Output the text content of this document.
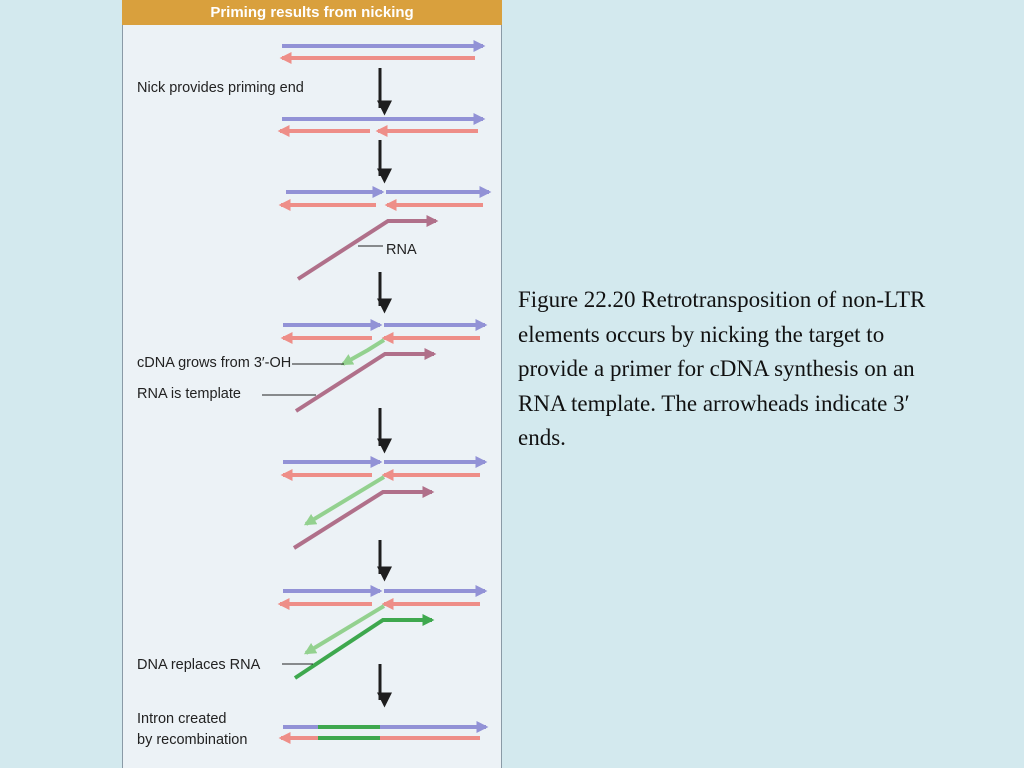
Priming results from nicking
Nick provides priming end
RNA
cDNA grows from 3′-OH
RNA is template
DNA replaces RNA
Intron created
by recombination
Figure 22.20 Retrotransposition of non-LTR elements occurs by nicking the target to provide a primer for cDNA synthesis on an RNA template. The arrowheads indicate 3′ ends.
